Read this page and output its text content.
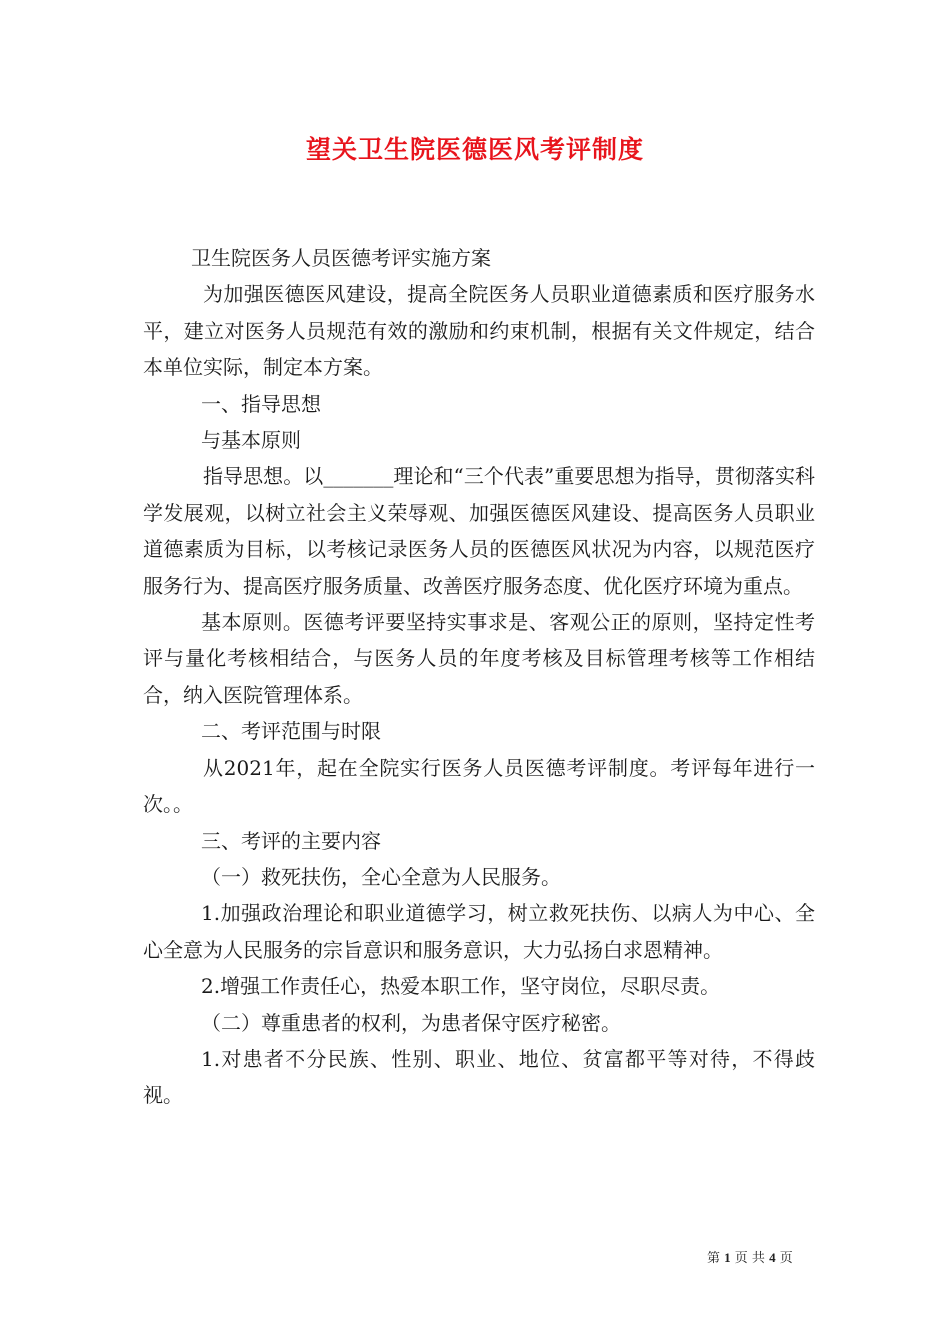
望关卫生院医德医风考评制度

卫生院医务人员医德考评实施方案

为加强医德医风建设，提高全院医务人员职业道德素质和医疗服务水平，建立对医务人员规范有效的激励和约束机制，根据有关文件规定，结合本单位实际，制定本方案。

一、指导思想

与基本原则

指导思想。以_______理论和“三个代表”重要思想为指导，贯彻落实科学发展观，以树立社会主义荣辱观、加强医德医风建设、提高医务人员职业道德素质为目标，以考核记录医务人员的医德医风状况为内容，以规范医疗服务行为、提高医疗服务质量、改善医疗服务态度、优化医疗环境为重点。

基本原则。医德考评要坚持实事求是、客观公正的原则，坚持定性考评与量化考核相结合，与医务人员的年度考核及目标管理考核等工作相结合，纳入医院管理体系。

二、考评范围与时限

从2021年，起在全院实行医务人员医德考评制度。考评每年进行一次。。

三、考评的主要内容

（一）救死扶伤，全心全意为人民服务。

1.加强政治理论和职业道德学习，树立救死扶伤、以病人为中心、全心全意为人民服务的宗旨意识和服务意识，大力弘扬白求恩精神。

2.增强工作责任心，热爱本职工作，坚守岗位，尽职尽责。

（二）尊重患者的权利，为患者保守医疗秘密。

1.对患者不分民族、性别、职业、地位、贫富都平等对待，不得歧视。

第 1 页 共 4 页
